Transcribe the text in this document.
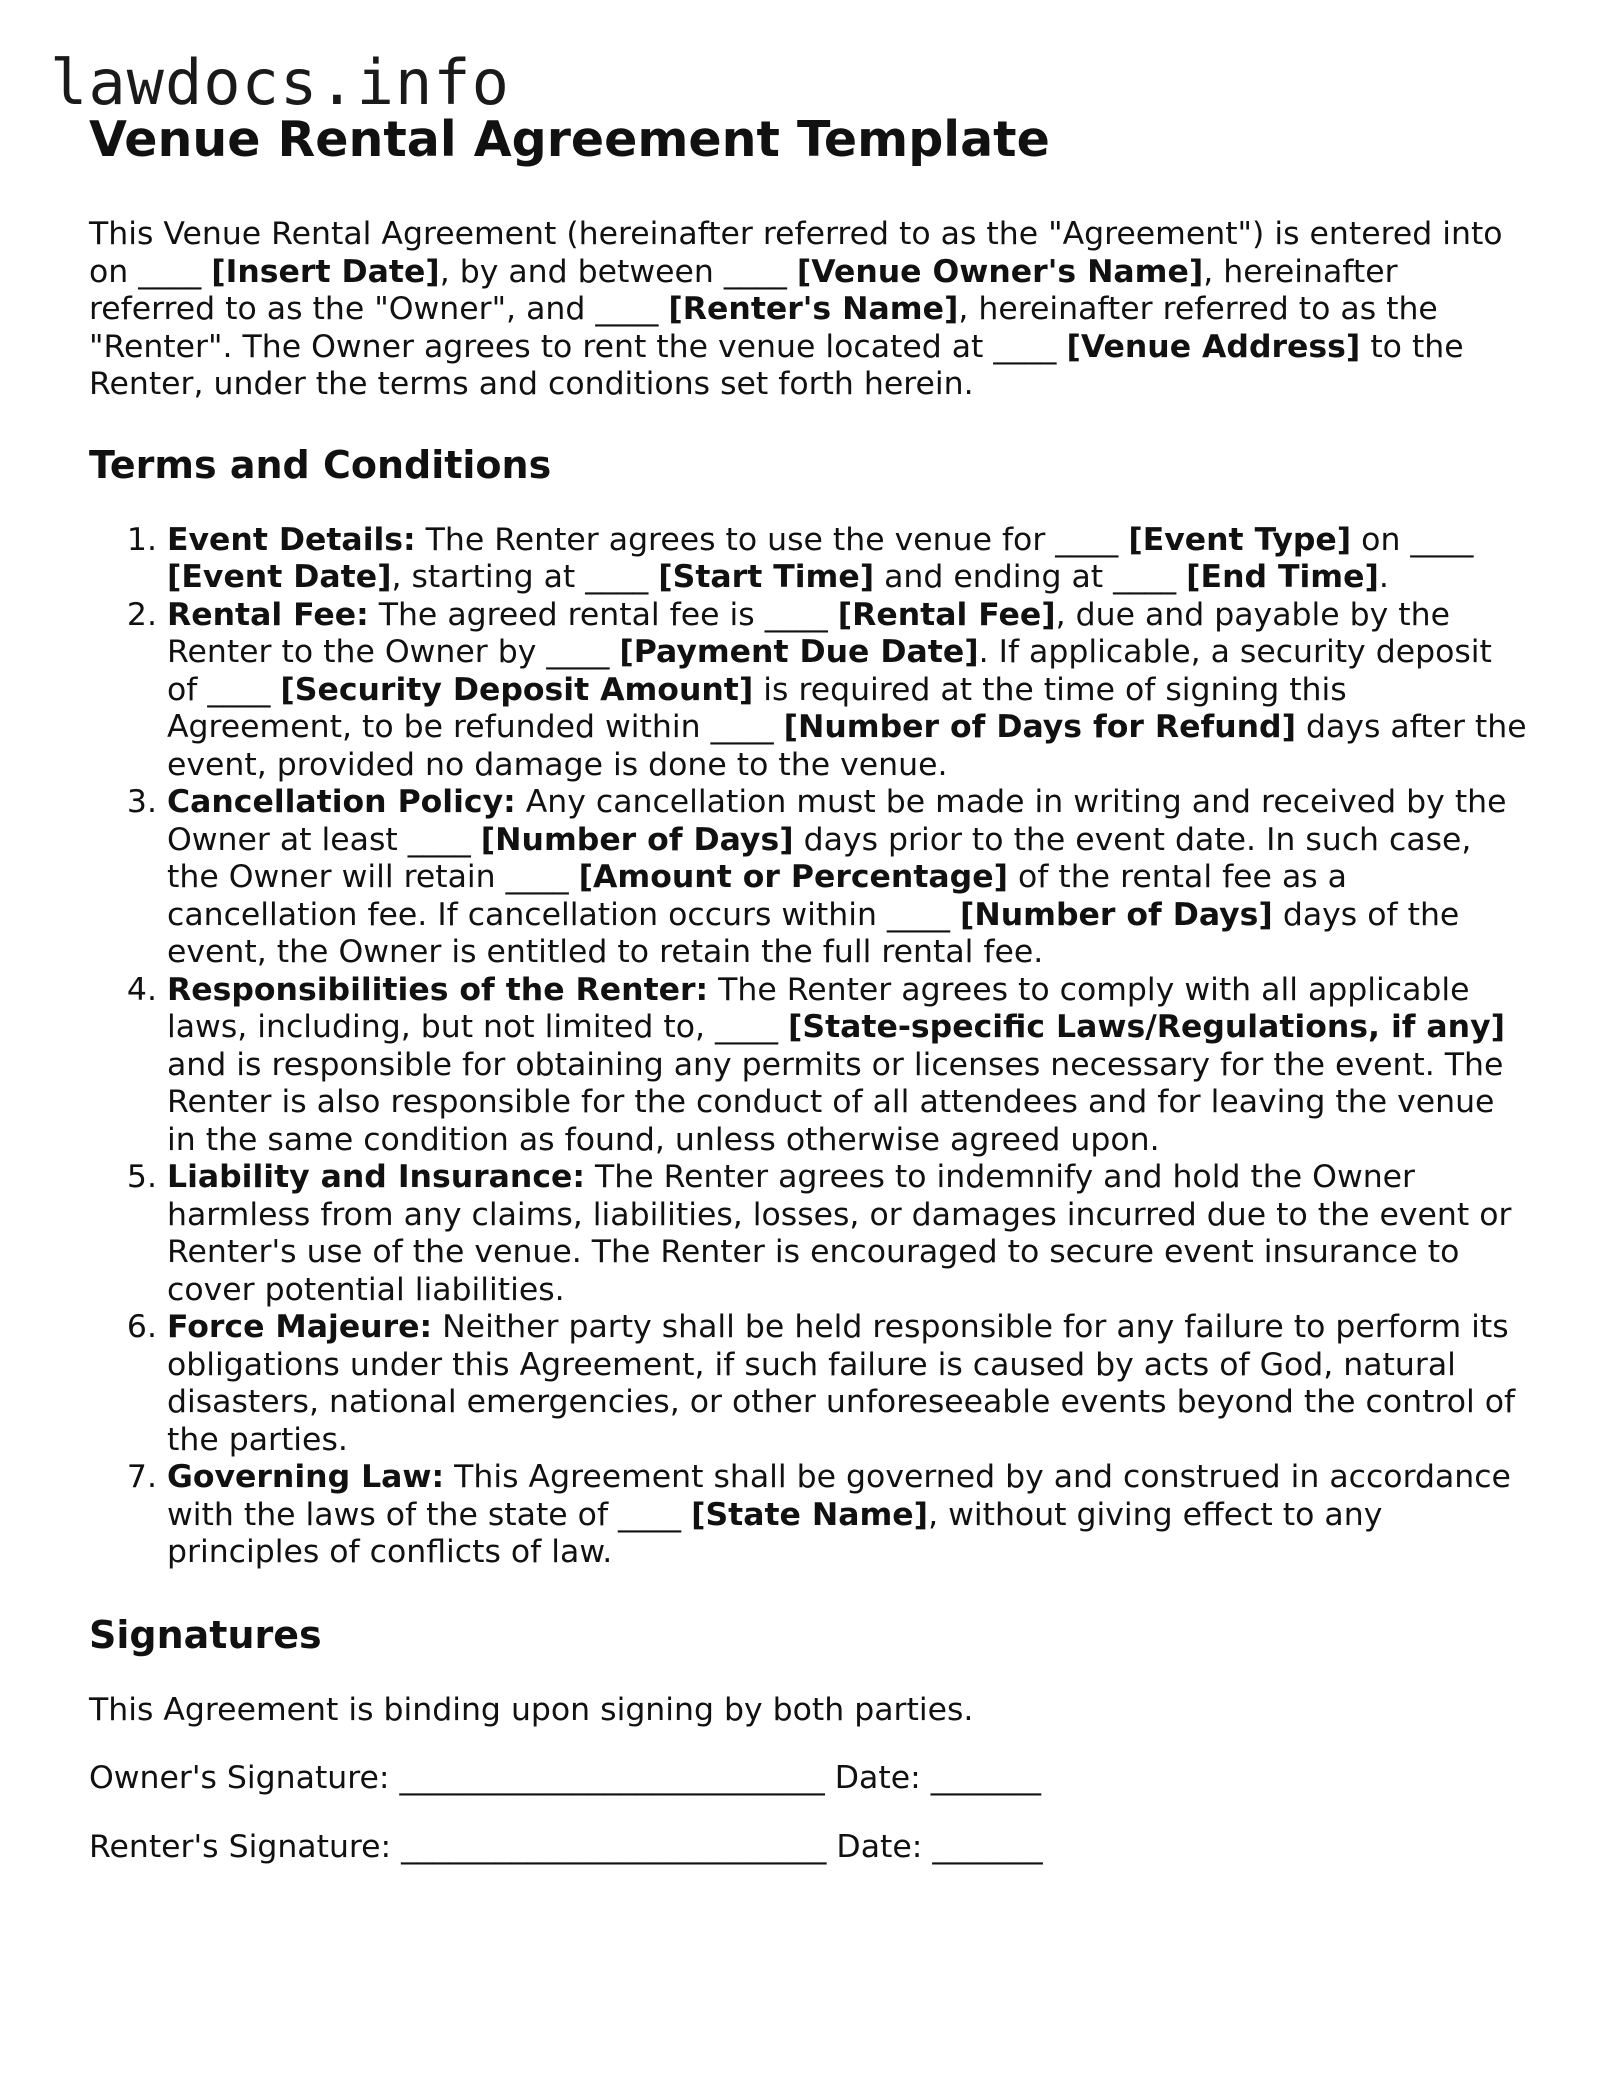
lawdocs.info
Venue Rental Agreement Template

This Venue Rental Agreement (hereinafter referred to as the "Agreement") is entered into on ____ [Insert Date], by and between ____ [Venue Owner's Name], hereinafter referred to as the "Owner", and ____ [Renter's Name], hereinafter referred to as the "Renter". The Owner agrees to rent the venue located at ____ [Venue Address] to the Renter, under the terms and conditions set forth herein.

Terms and Conditions
1. Event Details: The Renter agrees to use the venue for ____ [Event Type] on ____ [Event Date], starting at ____ [Start Time] and ending at ____ [End Time].
2. Rental Fee: The agreed rental fee is ____ [Rental Fee], due and payable by the Renter to the Owner by ____ [Payment Due Date]. If applicable, a security deposit of ____ [Security Deposit Amount] is required at the time of signing this Agreement, to be refunded within ____ [Number of Days for Refund] days after the event, provided no damage is done to the venue.
3. Cancellation Policy: Any cancellation must be made in writing and received by the Owner at least ____ [Number of Days] days prior to the event date. In such case, the Owner will retain ____ [Amount or Percentage] of the rental fee as a cancellation fee. If cancellation occurs within ____ [Number of Days] days of the event, the Owner is entitled to retain the full rental fee.
4. Responsibilities of the Renter: The Renter agrees to comply with all applicable laws, including, but not limited to, ____ [State-specific Laws/Regulations, if any] and is responsible for obtaining any permits or licenses necessary for the event. The Renter is also responsible for the conduct of all attendees and for leaving the venue in the same condition as found, unless otherwise agreed upon.
5. Liability and Insurance: The Renter agrees to indemnify and hold the Owner harmless from any claims, liabilities, losses, or damages incurred due to the event or Renter's use of the venue. The Renter is encouraged to secure event insurance to cover potential liabilities.
6. Force Majeure: Neither party shall be held responsible for any failure to perform its obligations under this Agreement, if such failure is caused by acts of God, natural disasters, national emergencies, or other unforeseeable events beyond the control of the parties.
7. Governing Law: This Agreement shall be governed by and construed in accordance with the laws of the state of ____ [State Name], without giving effect to any principles of conflicts of law.
Signatures

This Agreement is binding upon signing by both parties.

Owner's Signature: ___________________________ Date: _______

Renter's Signature: ___________________________ Date: _______
